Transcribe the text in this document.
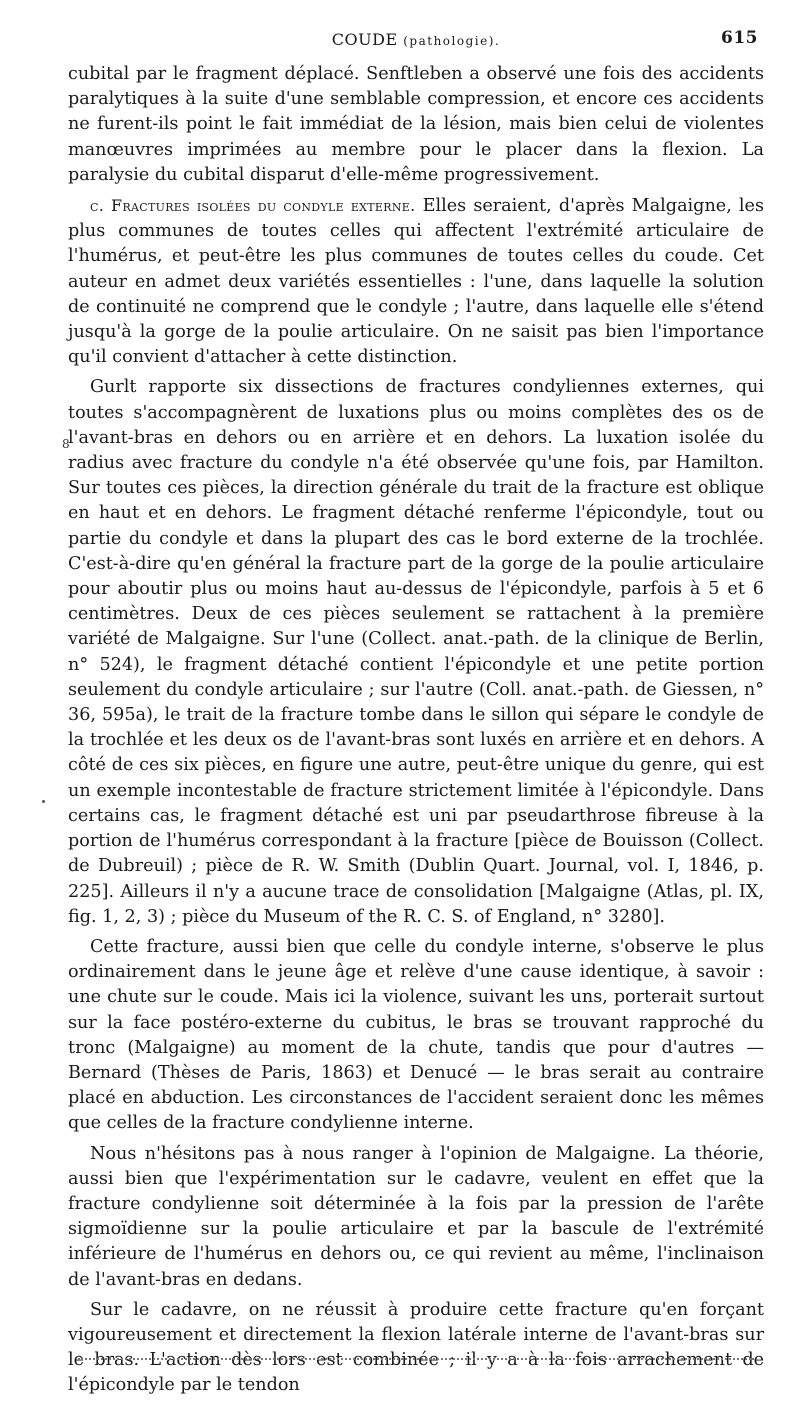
COUDE (pathologie).	615

cubital par le fragment déplacé. Senftleben a observé une fois des accidents paralytiques à la suite d'une semblable compression, et encore ces accidents ne furent-ils point le fait immédiat de la lésion, mais bien celui de violentes manœuvres imprimées au membre pour le placer dans la flexion. La paralysie du cubital disparut d'elle-même progressivement.

c. Fractures isolées du condyle externe. Elles seraient, d'après Malgaigne, les plus communes de toutes celles qui affectent l'extrémité articulaire de l'humérus, et peut-être les plus communes de toutes celles du coude. Cet auteur en admet deux variétés essentielles : l'une, dans laquelle la solution de continuité ne comprend que le condyle ; l'autre, dans laquelle elle s'étend jusqu'à la gorge de la poulie articulaire. On ne saisit pas bien l'importance qu'il convient d'attacher à cette distinction.

Gurlt rapporte six dissections de fractures condyliennes externes, qui toutes s'accompagnèrent de luxations plus ou moins complètes des os de l'avant-bras en dehors ou en arrière et en dehors. La luxation isolée du radius avec fracture du condyle n'a été observée qu'une fois, par Hamilton. Sur toutes ces pièces, la direction générale du trait de la fracture est oblique en haut et en dehors. Le fragment détaché renferme l'épicondyle, tout ou partie du condyle et dans la plupart des cas le bord externe de la trochlée. C'est-à-dire qu'en général la fracture part de la gorge de la poulie articulaire pour aboutir plus ou moins haut au-dessus de l'épicondyle, parfois à 5 et 6 centimètres. Deux de ces pièces seulement se rattachent à la première variété de Malgaigne. Sur l'une (Collect. anat.-path. de la clinique de Berlin, n° 524), le fragment détaché contient l'épicondyle et une petite portion seulement du condyle articulaire ; sur l'autre (Coll. anat.-path. de Giessen, n° 36, 595a), le trait de la fracture tombe dans le sillon qui sépare le condyle de la trochlée et les deux os de l'avant-bras sont luxés en arrière et en dehors. A côté de ces six pièces, en figure une autre, peut-être unique du genre, qui est un exemple incontestable de fracture strictement limitée à l'épicondyle. Dans certains cas, le fragment détaché est uni par pseudarthrose fibreuse à la portion de l'humérus correspondant à la fracture [pièce de Bouisson (Collect. de Dubreuil) ; pièce de R. W. Smith (Dublin Quart. Journal, vol. I, 1846, p. 225]. Ailleurs il n'y a aucune trace de consolidation [Malgaigne (Atlas, pl. IX, fig. 1, 2, 3) ; pièce du Museum of the R. C. S. of England, n° 3280].

Cette fracture, aussi bien que celle du condyle interne, s'observe le plus ordinairement dans le jeune âge et relève d'une cause identique, à savoir : une chute sur le coude. Mais ici la violence, suivant les uns, porterait surtout sur la face postéro-externe du cubitus, le bras se trouvant rapproché du tronc (Malgaigne) au moment de la chute, tandis que pour d'autres — Bernard (Thèses de Paris, 1863) et Denucé — le bras serait au contraire placé en abduction. Les circonstances de l'accident seraient donc les mêmes que celles de la fracture condylienne interne.

Nous n'hésitons pas à nous ranger à l'opinion de Malgaigne. La théorie, aussi bien que l'expérimentation sur le cadavre, veulent en effet que la fracture condylienne soit déterminée à la fois par la pression de l'arête sigmoïdienne sur la poulie articulaire et par la bascule de l'extrémité inférieure de l'humérus en dehors ou, ce qui revient au même, l'inclinaison de l'avant-bras en dedans.

Sur le cadavre, on ne réussit à produire cette fracture qu'en forçant vigoureusement et directement la flexion latérale interne de l'avant-bras sur le bras. L'action dès lors est combinée ; il y a à la fois arrachement de l'épicondyle par le tendon

8
